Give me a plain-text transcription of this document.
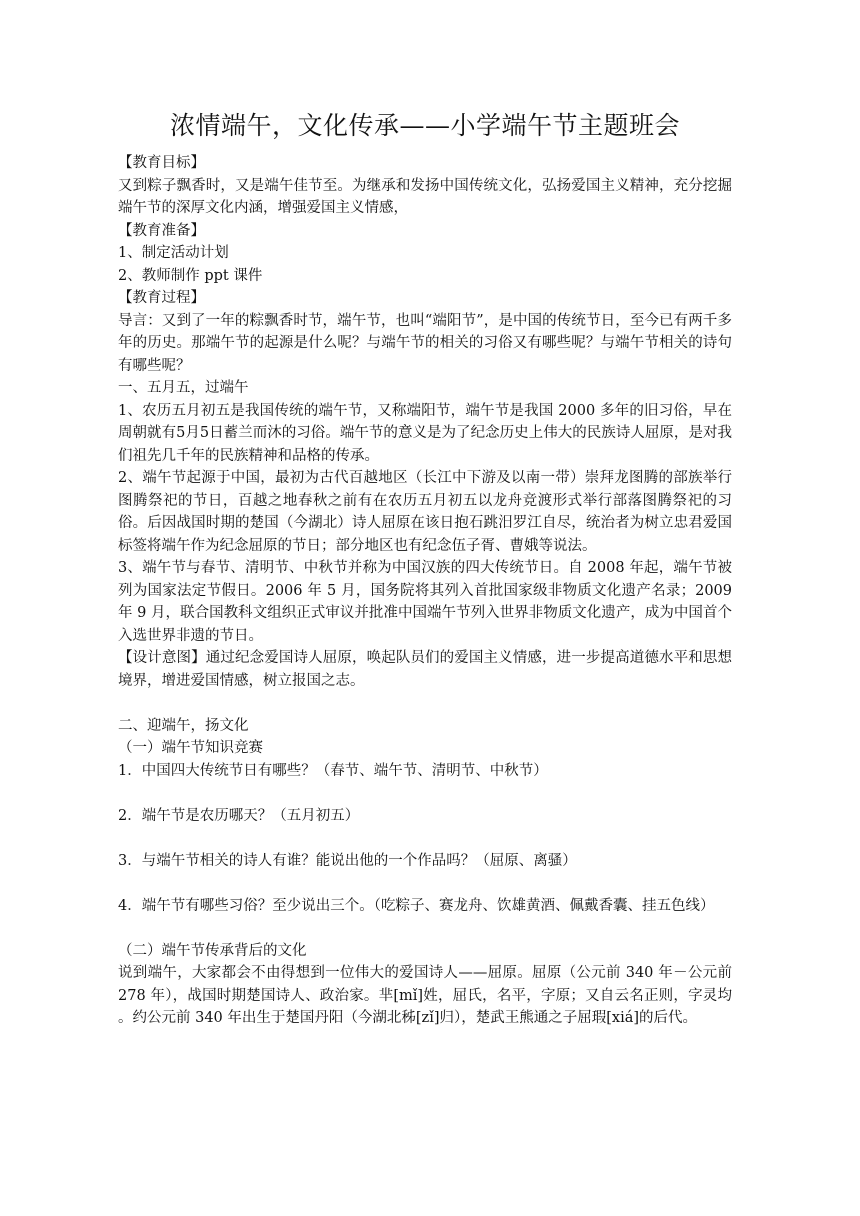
浓情端午，文化传承——小学端午节主题班会

【教育目标】

又到粽子飘香时，又是端午佳节至。为继承和发扬中国传统文化，弘扬爱国主义精神，充分挖掘端午节的深厚文化内涵，增强爱国主义情感，

【教育准备】

1、制定活动计划

2、教师制作 ppt 课件

【教育过程】

导言：又到了一年的粽飘香时节，端午节，也叫“端阳节”，是中国的传统节日，至今已有两千多年的历史。那端午节的起源是什么呢？与端午节的相关的习俗又有哪些呢？与端午节相关的诗句有哪些呢？

一、五月五，过端午

1、农历五月初五是我国传统的端午节，又称端阳节，端午节是我国 2000 多年的旧习俗，早在周朝就有5月5日蓄兰而沐的习俗。端午节的意义是为了纪念历史上伟大的民族诗人屈原，是对我们祖先几千年的民族精神和品格的传承。

2、端午节起源于中国，最初为古代百越地区（长江中下游及以南一带）崇拜龙图腾的部族举行图腾祭祀的节日，百越之地春秋之前有在农历五月初五以龙舟竞渡形式举行部落图腾祭祀的习俗。后因战国时期的楚国（今湖北）诗人屈原在该日抱石跳汨罗江自尽，统治者为树立忠君爱国标签将端午作为纪念屈原的节日；部分地区也有纪念伍子胥、曹娥等说法。

3、端午节与春节、清明节、中秋节并称为中国汉族的四大传统节日。自 2008 年起，端午节被列为国家法定节假日。2006 年 5 月，国务院将其列入首批国家级非物质文化遗产名录；2009 年 9 月，联合国教科文组织正式审议并批准中国端午节列入世界非物质文化遗产，成为中国首个入选世界非遗的节日。

【设计意图】通过纪念爱国诗人屈原，唤起队员们的爱国主义情感，进一步提高道德水平和思想境界，增进爱国情感，树立报国之志。

二、迎端午，扬文化

（一）端午节知识竞赛

1．中国四大传统节日有哪些？（春节、端午节、清明节、中秋节）

2．端午节是农历哪天？（五月初五）

3．与端午节相关的诗人有谁？能说出他的一个作品吗？（屈原、离骚）

4．端午节有哪些习俗？至少说出三个。（吃粽子、赛龙舟、饮雄黄酒、佩戴香囊、挂五色线）

（二）端午节传承背后的文化

说到端午，大家都会不由得想到一位伟大的爱国诗人——屈原。屈原（公元前 340 年－公元前 278 年），战国时期楚国诗人、政治家。芈[mǐ]姓，屈氏，名平，字原；又自云名正则，字灵均 。约公元前 340 年出生于楚国丹阳（今湖北秭[zǐ]归），楚武王熊通之子屈瑕[xiá]的后代。
